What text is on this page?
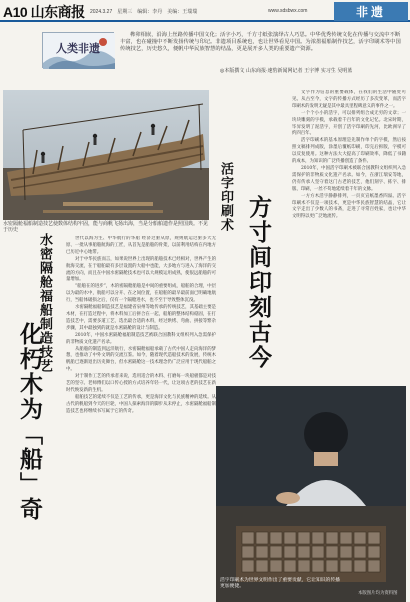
A10 山东商报 2024.3.27　星期三　编辑：李丹　美编：王瑞瑞	www.sdsbwx.com	非遗
人类非遗
榫卯相嵌，沿海上丝路传播中国文化；活字小巧，千方寸纸张演绎古人巧思。中华优秀传统文化在传播与交流中不断丰富，也在碰撞中不断发扬传统与印记。非遗项目系统也，也让世界看见中国。为浓墨福船制作技艺，活字印刷术等中国传统技艺，历史悠久，便帆中华民族智慧的结晶，更是展开多人类的重要遗产资源。
◎本版撰文 山东商报·速豹新闻网记者 王宇博 实习生 吴明蓝
水密隔舱福船制造技艺使数体结构牢固，能与商帆飞扬出海，当是分船舶遗作是照国典。不见于历史
水密隔舱福船制造技艺
化朽木为「船」奇

世代以海为生、中华航行的华船 经济过驱从原，规则航运过驱多大无原、一批从事船舶航海的工匠，从首先是船舶的骨架，以前利用结构在内地方已历近中心地带。

对于中华民族而言，如果说世界上出现的船舶技术已经相对，世界产生的航海交流，在于船舶最有多层设置的大船中也能，大多地方与进入了海洋的交流的方向，而且在中国水密隔舱技术也可以大规模运用成熟，使很远船舶的可量增加。

“船舶在的进步”，木的密隔舱船舶是中间的重要组成，船舶的合理，中层以为最的水中，航船可以分开、在之间位置，在船舶的最早最前面已明确地航行，当船体破损之后，仅有一个隔舱进水，也不至于导致整体沉没。

水密隔舱福船制造技艺是福建省泉州等地传承的传统技艺，其基础主要是木材，在打造过程中，将木料加工后拼合在一起，船舶的整体结构稳固，在打造技艺中，需要多道工艺，选出最合适的木料，经过烘烤、弯曲、拼接等繁杂步骤，其中最独到的就是水密隔舱的设计与制造。

2010年，中国水密隔舱福船制造技艺被联合国教科文组织列入急需保护的非物质文化遗产名录。

从船舶的制造到远洋航行，水密隔舱福船承载了古代中国人走向海洋的梦想，也推动了中外文明的交流互鉴。如今，随着现代造船技术的发展，传统木帆船已逐渐退出历史舞台，但水密隔舱这一技术理念仍广泛应用于现代船舶之中。

对于制作工艺的传承者来说，选用适合的木料、打磨每一块船板都是对技艺的坚守。老师傅们以口传心授的方式培养年轻一代，让这项古老的技艺在新时代焕发新的生机。

船舶技艺的延续不仅是工艺的传承，更是海洋文化与民族精神的延续。从古代的帆船到今天的巨轮，中国人探索海洋的脚步从未停止，水密隔舱福船制造技艺也将继续书写属于它的传奇。

活字印刷术 方寸间印刻古今

文字作为信息的重要载体，在我们的生活中随处可见。从古至今，文字的传播方式经历了多次变革，而活字印刷术的发明无疑是其中最具里程碑意义的事件之一。

一个个小小的活字，可以排列组合成无穷的文章；一块块雕刻的字模，承载着千百年的文化记忆。北宋时期，毕昇发明了泥活字，开创了活字印刷的先河，比欧洲早了约四百年。

活字印刷术的基本原理是先制作单个的字模，然后按照文稿排列成版，涂墨后覆纸印刷，印完后拆版，字模可以反复使用。这种方法大大提高了印刷效率，降低了书籍的成本，为知识的广泛传播创造了条件。

2010年，中国活字印刷术被联合国教科文组织列入急需保护的非物质文化遗产名录。如今，在浙江瑞安等地，仍有传承人坚守着这门古老的技艺，他们刻字、拣字、排版、印刷，一丝不苟地延续着千年的文脉。

一方方木活字静静排列，一页页宣纸墨香四溢。活字印刷术不仅是一项技术，更是中华民族智慧的结晶，它让文字走出了少数人的书斋，走进了寻常百姓家，也让中华文明得以更广泛地流传。

活字印刷术为世界文明作出了重要贡献，它让知识的传播更加便捷。
本版图片均为资料图
